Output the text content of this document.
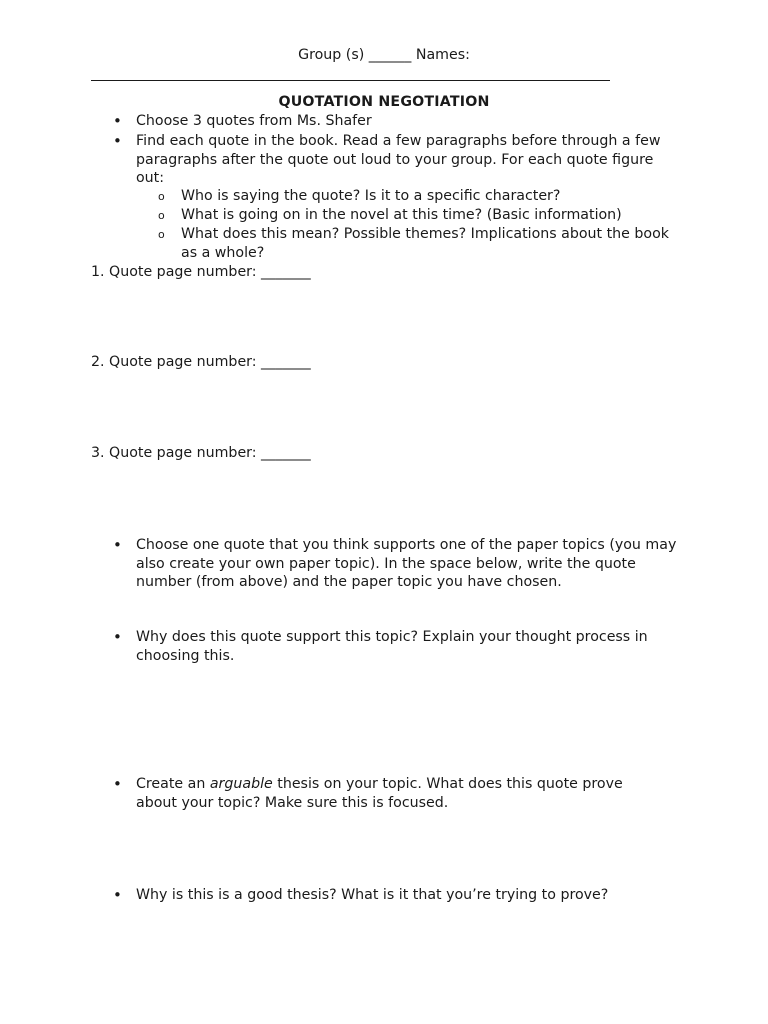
Group (s) ______ Names:
QUOTATION NEGOTIATION
• Choose 3 quotes from Ms. Shafer
• Find each quote in the book. Read a few paragraphs before through a few paragraphs after the quote out loud to your group. For each quote figure out:
o Who is saying the quote? Is it to a specific character?
o What is going on in the novel at this time? (Basic information)
o What does this mean? Possible themes? Implications about the book as a whole?
1. Quote page number: _______
2. Quote page number: _______
3. Quote page number: _______
• Choose one quote that you think supports one of the paper topics (you may also create your own paper topic). In the space below, write the quote number (from above) and the paper topic you have chosen.
• Why does this quote support this topic? Explain your thought process in choosing this.
• Create an arguable thesis on your topic. What does this quote prove about your topic? Make sure this is focused.
• Why is this is a good thesis? What is it that you’re trying to prove?
